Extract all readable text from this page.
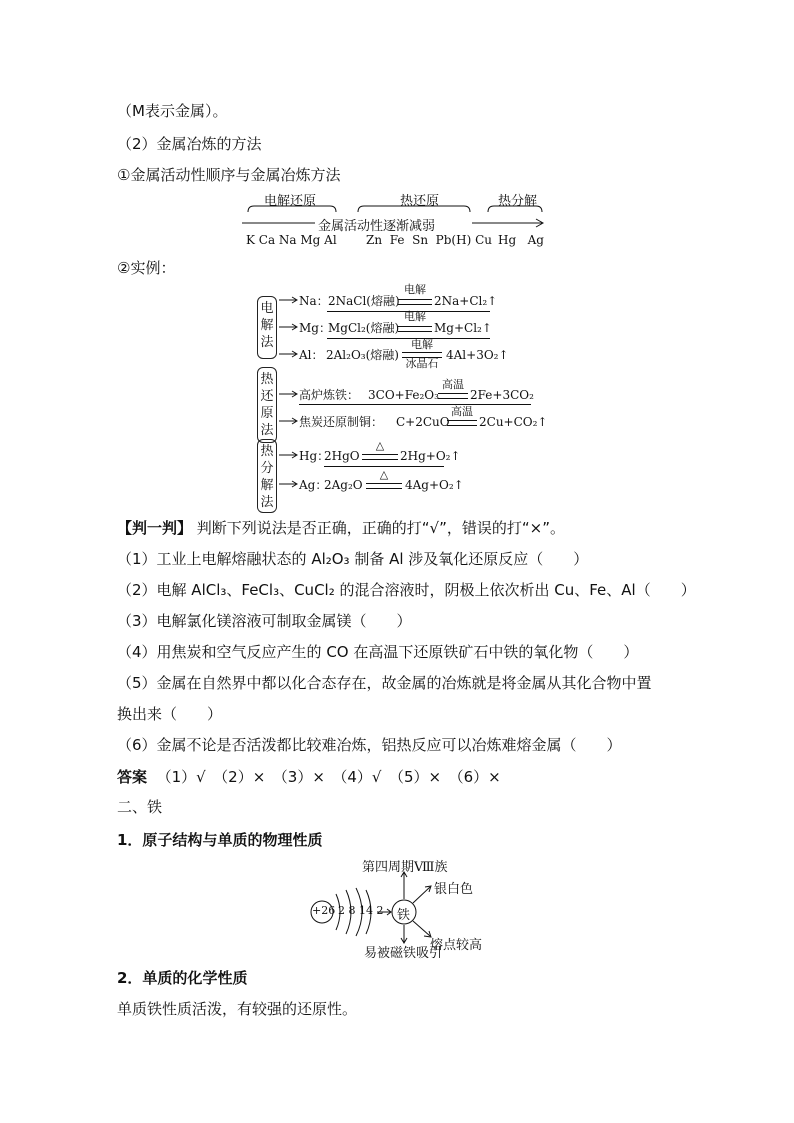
（M表示金属）。
（2）金属冶炼的方法
①金属活动性顺序与金属冶炼方法
电解还原	热还原	热分解
金属活动性逐渐减弱
K Ca Na Mg Al Zn  Fe  Sn  Pb(H) Cu Hg   Ag
②实例：
电
解
法
热
还
原
法
热
分
解
法
Na： 2NaCl(熔融)
电解
2Na+Cl₂↑
Mg：
MgCl₂(熔融)
电解
Mg+Cl₂↑
Al： 2Al₂O₃(熔融)
电解
冰晶石
4Al+3O₂↑
高炉炼铁： 3CO+Fe₂O₃
高温
2Fe+3CO₂
焦炭还原制铜： C+2CuO
高温
2Cu+CO₂↑
Hg：
2HgO
△
2Hg+O₂↑
Ag：
2Ag₂O
△
4Ag+O₂↑
【判一判】 判断下列说法是否正确，正确的打“√”，错误的打“×”。
（1）工业上电解熔融状态的 Al₂O₃ 制备 Al 涉及氧化还原反应（　　）
（2）电解 AlCl₃、FeCl₃、CuCl₂ 的混合溶液时，阴极上依次析出 Cu、Fe、Al（　　）
（3）电解氯化镁溶液可制取金属镁（　　）
（4）用焦炭和空气反应产生的 CO 在高温下还原铁矿石中铁的氧化物（　　）
（5）金属在自然界中都以化合态存在，故金属的冶炼就是将金属从其化合物中置
换出来（　　）
（6）金属不论是否活泼都比较难冶炼，铝热反应可以冶炼难熔金属（　　）
答案 （1）√　（2）×　（3）×　（4）√　（5）×　（6）×
二、铁
1．原子结构与单质的物理性质
+26 2 8 14 2 铁
第四周期Ⅷ族
银白色
熔点较高
易被磁铁吸引
2．单质的化学性质
单质铁性质活泼，有较强的还原性。
